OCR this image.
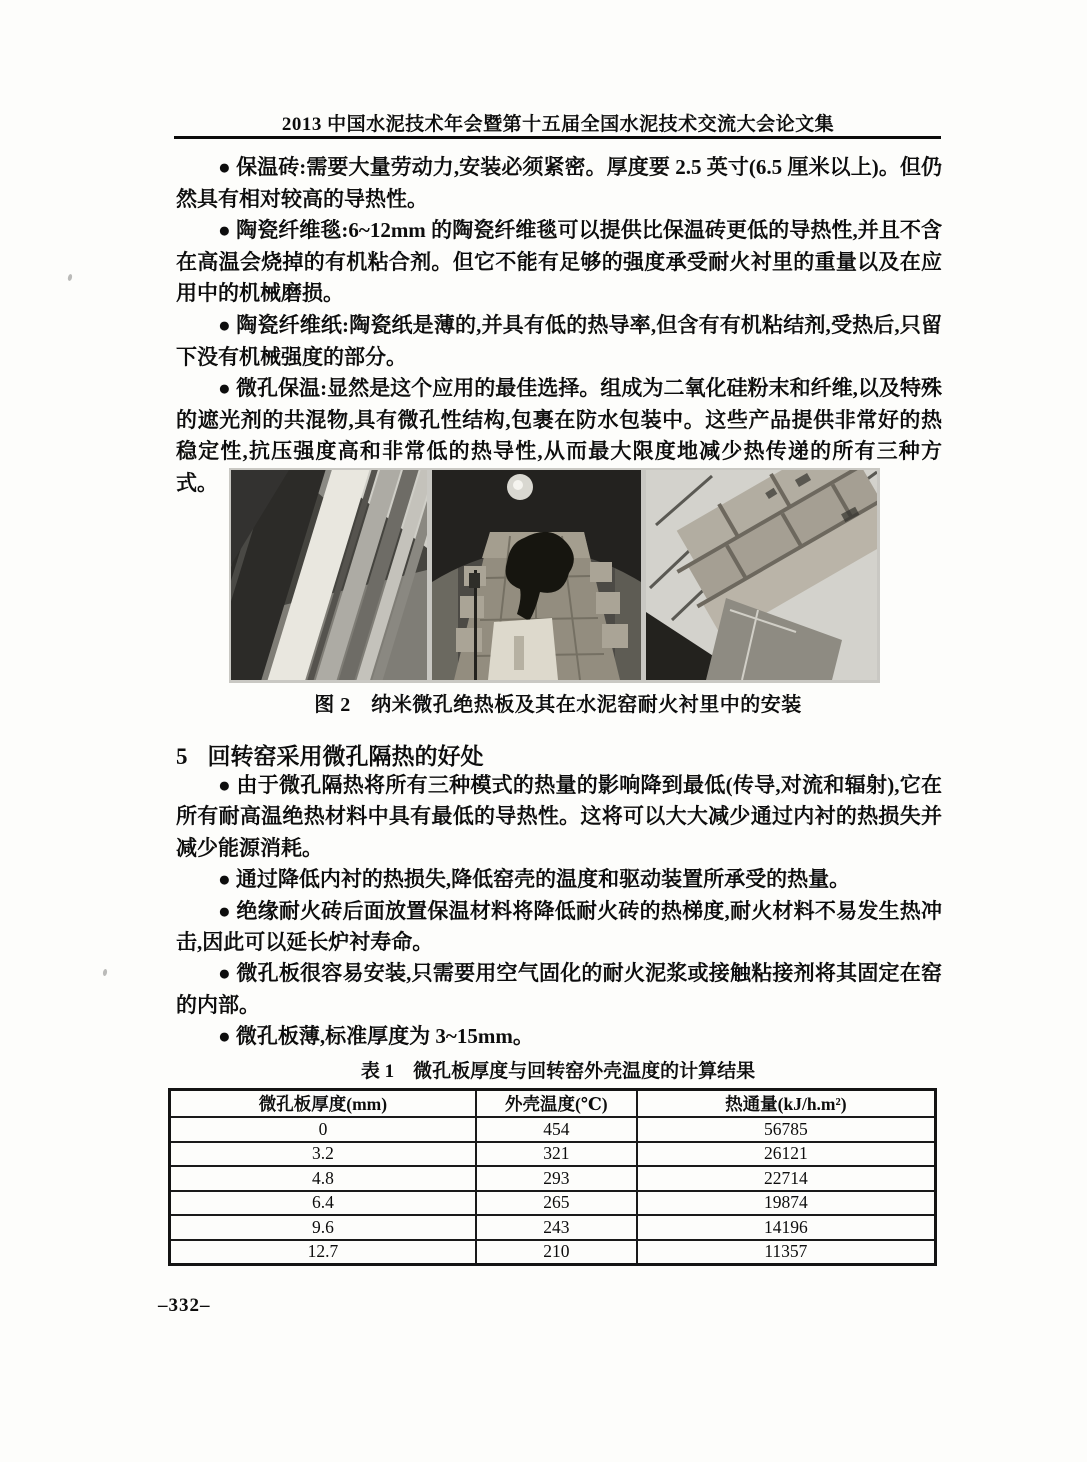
2013 中国水泥技术年会暨第十五届全国水泥技术交流大会论文集

● 保温砖:需要大量劳动力,安装必须紧密。厚度要 2.5 英寸(6.5 厘米以上)。但仍然具有相对较高的导热性。

● 陶瓷纤维毯:6~12mm 的陶瓷纤维毯可以提供比保温砖更低的导热性,并且不含在高温会烧掉的有机粘合剂。但它不能有足够的强度承受耐火衬里的重量以及在应用中的机械磨损。

● 陶瓷纤维纸:陶瓷纸是薄的,并具有低的热导率,但含有有机粘结剂,受热后,只留下没有机械强度的部分。

● 微孔保温:显然是这个应用的最佳选择。组成为二氧化硅粉末和纤维,以及特殊的遮光剂的共混物,具有微孔性结构,包裹在防水包装中。这些产品提供非常好的热稳定性,抗压强度高和非常低的热导性,从而最大限度地减少热传递的所有三种方式。

图 2　纳米微孔绝热板及其在水泥窑耐火衬里中的安装
5 回转窑采用微孔隔热的好处

● 由于微孔隔热将所有三种模式的热量的影响降到最低(传导,对流和辐射),它在所有耐高温绝热材料中具有最低的导热性。这将可以大大减少通过内衬的热损失并减少能源消耗。

● 通过降低内衬的热损失,降低窑壳的温度和驱动装置所承受的热量。

● 绝缘耐火砖后面放置保温材料将降低耐火砖的热梯度,耐火材料不易发生热冲击,因此可以延长炉衬寿命。

● 微孔板很容易安装,只需要用空气固化的耐火泥浆或接触粘接剂将其固定在窑的内部。

● 微孔板薄,标准厚度为 3~15mm。

表 1　微孔板厚度与回转窑外壳温度的计算结果
微孔板厚度(mm)	外壳温度(℃)	热通量(kJ/h.m²)
0	454	56785
3.2	321	26121
4.8	293	22714
6.4	265	19874
9.6	243	14196
12.7	210	11357
–332–
